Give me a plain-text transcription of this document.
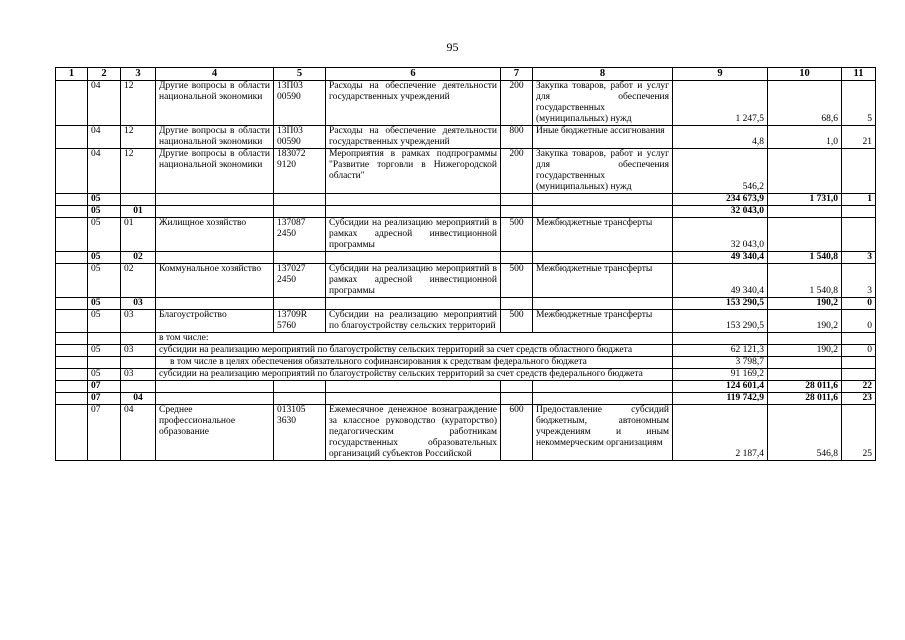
95
1	2	3	4	5	6	7	8	9	10	11
	04	12	Другие вопросы в области национальной экономики	13П03 00590	Расходы на обеспечение деятельности государственных учреждений	200	Закупка товаров, работ и услуг для обеспечения государственных (муниципальных) нужд	1 247,5	68,6	5
	04	12	Другие вопросы в области национальной экономики	13П03 00590	Расходы на обеспечение деятельности государственных учреждений	800	Иные бюджетные ассигнования	4,8	1,0	21
	04	12	Другие вопросы в области национальной экономики	183072 9120	Мероприятия в рамках подпрограммы "Развитие торговли в Нижегородской области"	200	Закупка товаров, работ и услуг для обеспечения государственных (муниципальных) нужд	546,2		
	05							234 673,9	1 731,0	1
	05	01						32 043,0		
	05	01	Жилищное хозяйство	137087 2450	Субсидии на реализацию мероприятий в рамках адресной инвестиционной программы	500	Межбюджетные трансферты	32 043,0		
	05	02						49 340,4	1 540,8	3
	05	02	Коммунальное хозяйство	137027 2450	Субсидии на реализацию мероприятий в рамках адресной инвестиционной программы	500	Межбюджетные трансферты	49 340,4	1 540,8	3
	05	03						153 290,5	190,2	0
	05	03	Благоустройство	13709R 5760	Субсидии на реализацию мероприятий по благоустройству сельских территорий	500	Межбюджетные трансферты	153 290,5	190,2	0
			в том числе:							
	05	03	субсидии на реализацию мероприятий по благоустройству сельских территорий за счет средств областного бюджета					62 121,3	190,2	0
			в том числе в целях обеспечения обязательного софинансирования к средствам федерального бюджета					3 798,7		
	05	03	субсидии на реализацию мероприятий по благоустройству сельских территорий за счет средств федерального бюджета					91 169,2		
	07							124 601,4	28 011,6	22
	07	04						119 742,9	28 011,6	23
	07	04	Среднее профессиональное образование	013105 3630	Ежемесячное денежное вознаграждение за классное руководство (кураторство) педагогическим работникам государственных образовательных организаций субъектов Российской	600	Предоставление субсидий бюджетным, автономным учреждениям и иным некоммерческим организациям	2 187,4	546,8	25
